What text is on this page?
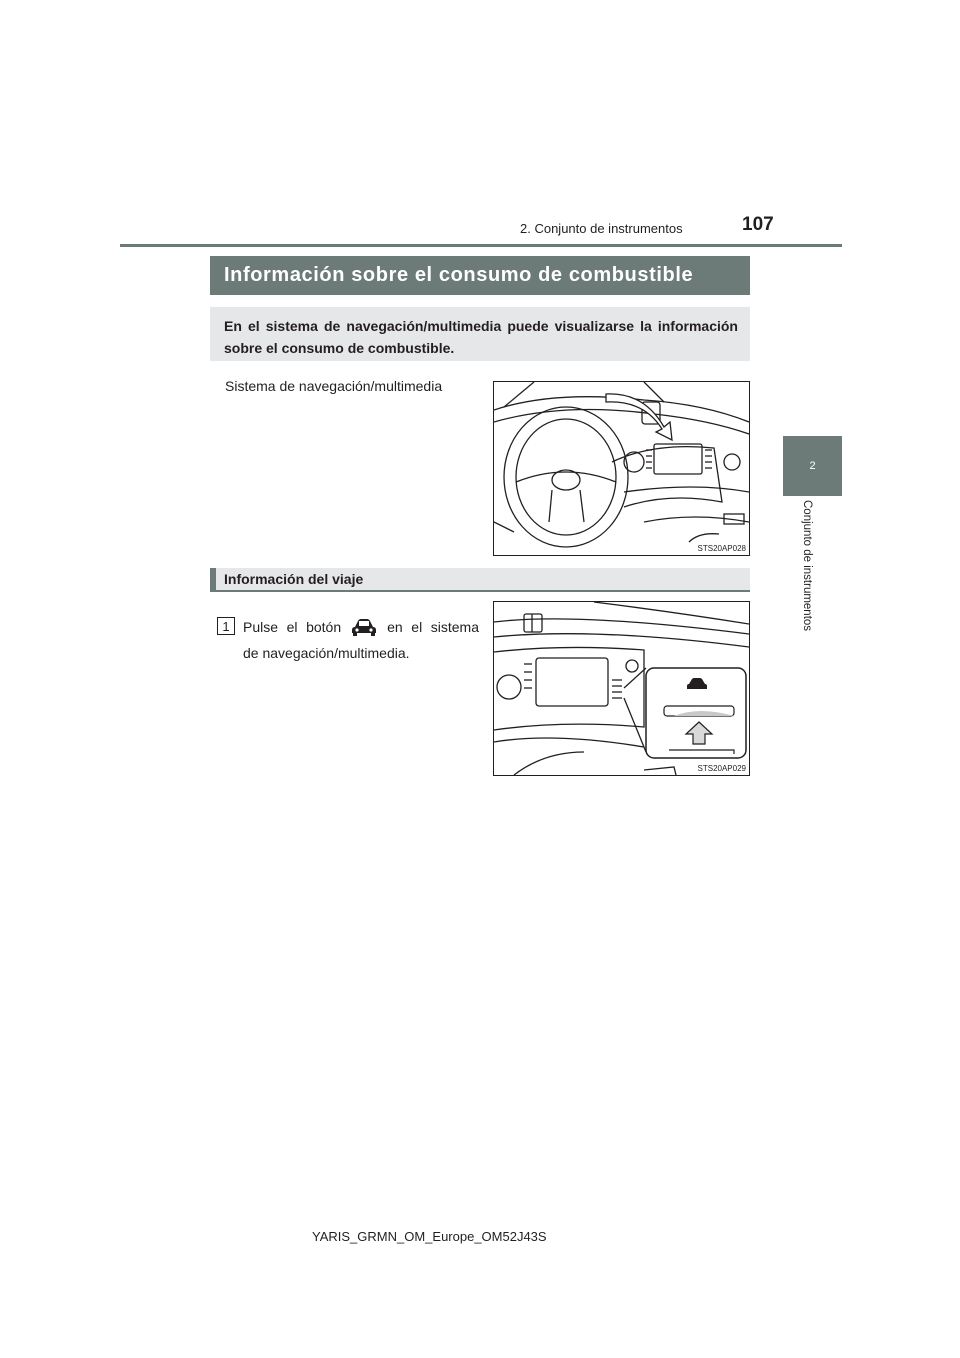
2. Conjunto de instrumentos	107
2
Conjunto de instrumentos
Información sobre el consumo de combustible
En el sistema de navegación/multimedia puede visualizarse la información sobre el consumo de combustible.
Sistema de navegación/multimedia
STS20AP028
Información del viaje
1 Pulse el botón	en el sistema de navegación/multimedia.
STS20AP029
YARIS_GRMN_OM_Europe_OM52J43S
